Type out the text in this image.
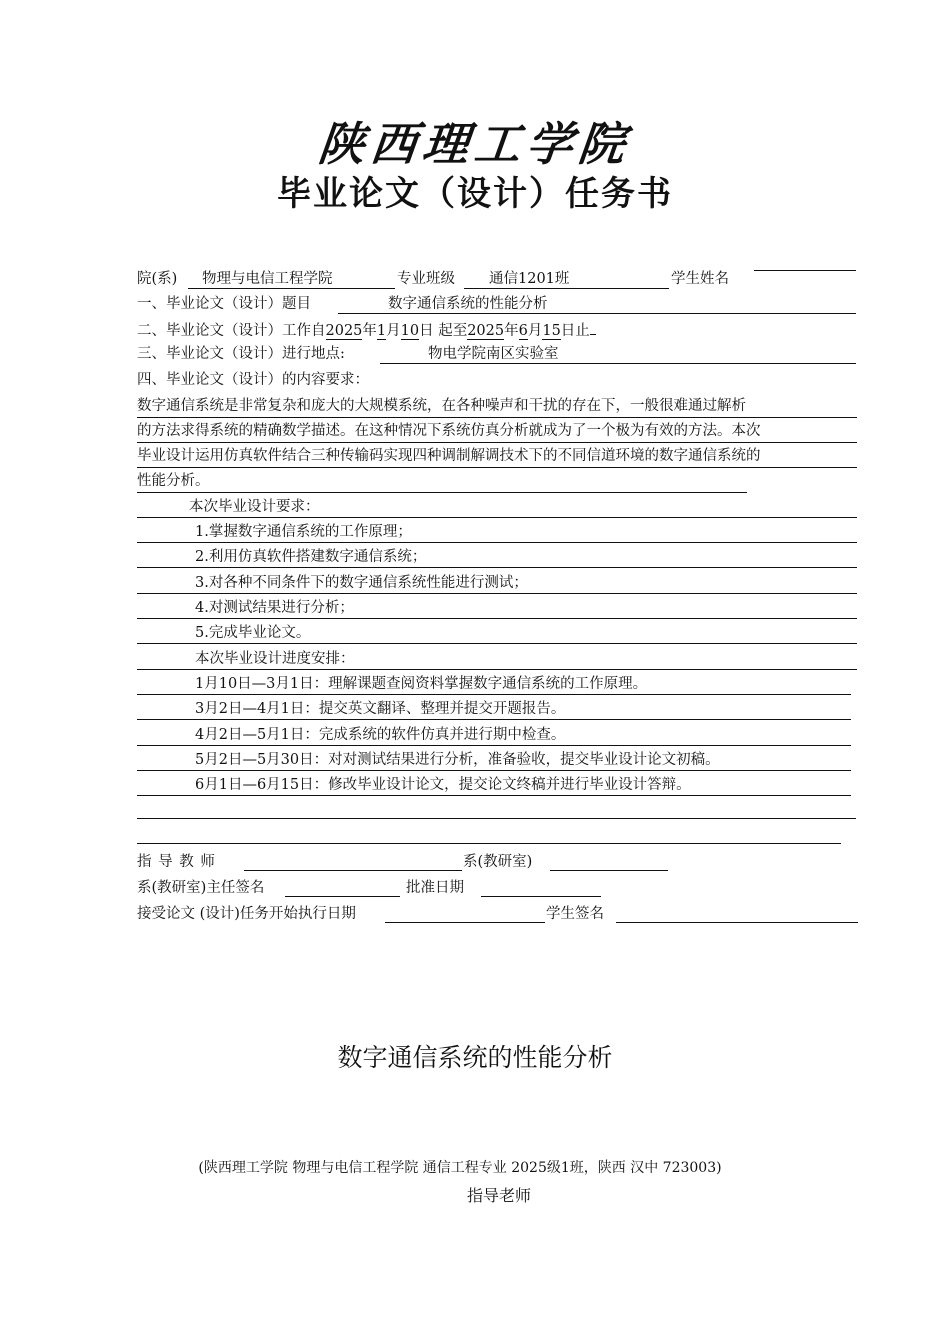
陕西理工学院
毕业论文（设计）任务书
院(系)	物理与电信工程学院	专业班级	通信1201班	学生姓名
一、毕业论文（设计）题目	数字通信系统的性能分析
二、毕业论文（设计）工作自2025年1月10日 起至2025年6月15日止
三、毕业论文（设计）进行地点:	物电学院南区实验室
四、毕业论文（设计）的内容要求：
数字通信系统是非常复杂和庞大的大规模系统，在各种噪声和干扰的存在下，一般很难通过解析
的方法求得系统的精确数学描述。在这种情况下系统仿真分析就成为了一个极为有效的方法。本次
毕业设计运用仿真软件结合三种传输码实现四种调制解调技术下的不同信道环境的数字通信系统的
性能分析。
本次毕业设计要求：
1.掌握数字通信系统的工作原理；
2.利用仿真软件搭建数字通信系统；
3.对各种不同条件下的数字通信系统性能进行测试；
4.对测试结果进行分析；
5.完成毕业论文。
本次毕业设计进度安排：
1月10日—3月1日：理解课题查阅资料掌握数字通信系统的工作原理。
3月2日—4月1日：提交英文翻译、整理并提交开题报告。
4月2日—5月1日：完成系统的软件仿真并进行期中检查。
5月2日—5月30日：对对测试结果进行分析，准备验收，提交毕业设计论文初稿。
6月1日—6月15日：修改毕业设计论文，提交论文终稿并进行毕业设计答辩。
指 导 教 师	系(教研室)
系(教研室)主任签名	批准日期
接受论文 (设计)任务开始执行日期	学生签名
数字通信系统的性能分析
(陕西理工学院 物理与电信工程学院 通信工程专业 2025级1班，陕西 汉中 723003)
指导老师
